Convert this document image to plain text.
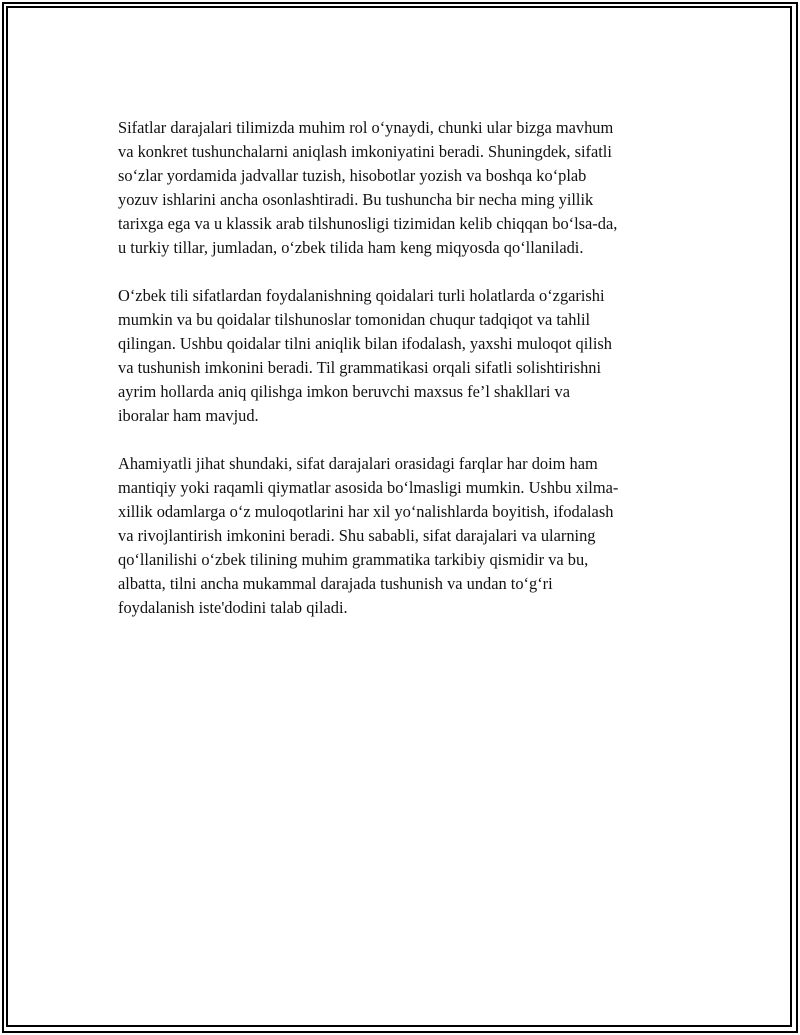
Sifatlar darajalari tilimizda muhim rol o‘ynaydi, chunki ular bizga mavhum
va konkret tushunchalarni aniqlash imkoniyatini beradi. Shuningdek, sifatli
so‘zlar yordamida jadvallar tuzish, hisobotlar yozish va boshqa ko‘plab
yozuv ishlarini ancha osonlashtiradi. Bu tushuncha bir necha ming yillik
tarixga ega va u klassik arab tilshunosligi tizimidan kelib chiqqan bo‘lsa-da,
u turkiy tillar, jumladan, o‘zbek tilida ham keng miqyosda qo‘llaniladi.

O‘zbek tili sifatlardan foydalanishning qoidalari turli holatlarda o‘zgarishi
mumkin va bu qoidalar tilshunoslar tomonidan chuqur tadqiqot va tahlil
qilingan. Ushbu qoidalar tilni aniqlik bilan ifodalash, yaxshi muloqot qilish
va tushunish imkonini beradi. Til grammatikasi orqali sifatli solishtirishni
ayrim hollarda aniq qilishga imkon beruvchi maxsus fe’l shakllari va
iboralar ham mavjud.

Ahamiyatli jihat shundaki, sifat darajalari orasidagi farqlar har doim ham
mantiqiy yoki raqamli qiymatlar asosida bo‘lmasligi mumkin. Ushbu xilma-
xillik odamlarga o‘z muloqotlarini har xil yo‘nalishlarda boyitish, ifodalash
va rivojlantirish imkonini beradi. Shu sababli, sifat darajalari va ularning
qo‘llanilishi o‘zbek tilining muhim grammatika tarkibiy qismidir va bu,
albatta, tilni ancha mukammal darajada tushunish va undan to‘g‘ri
foydalanish iste'dodini talab qiladi.
